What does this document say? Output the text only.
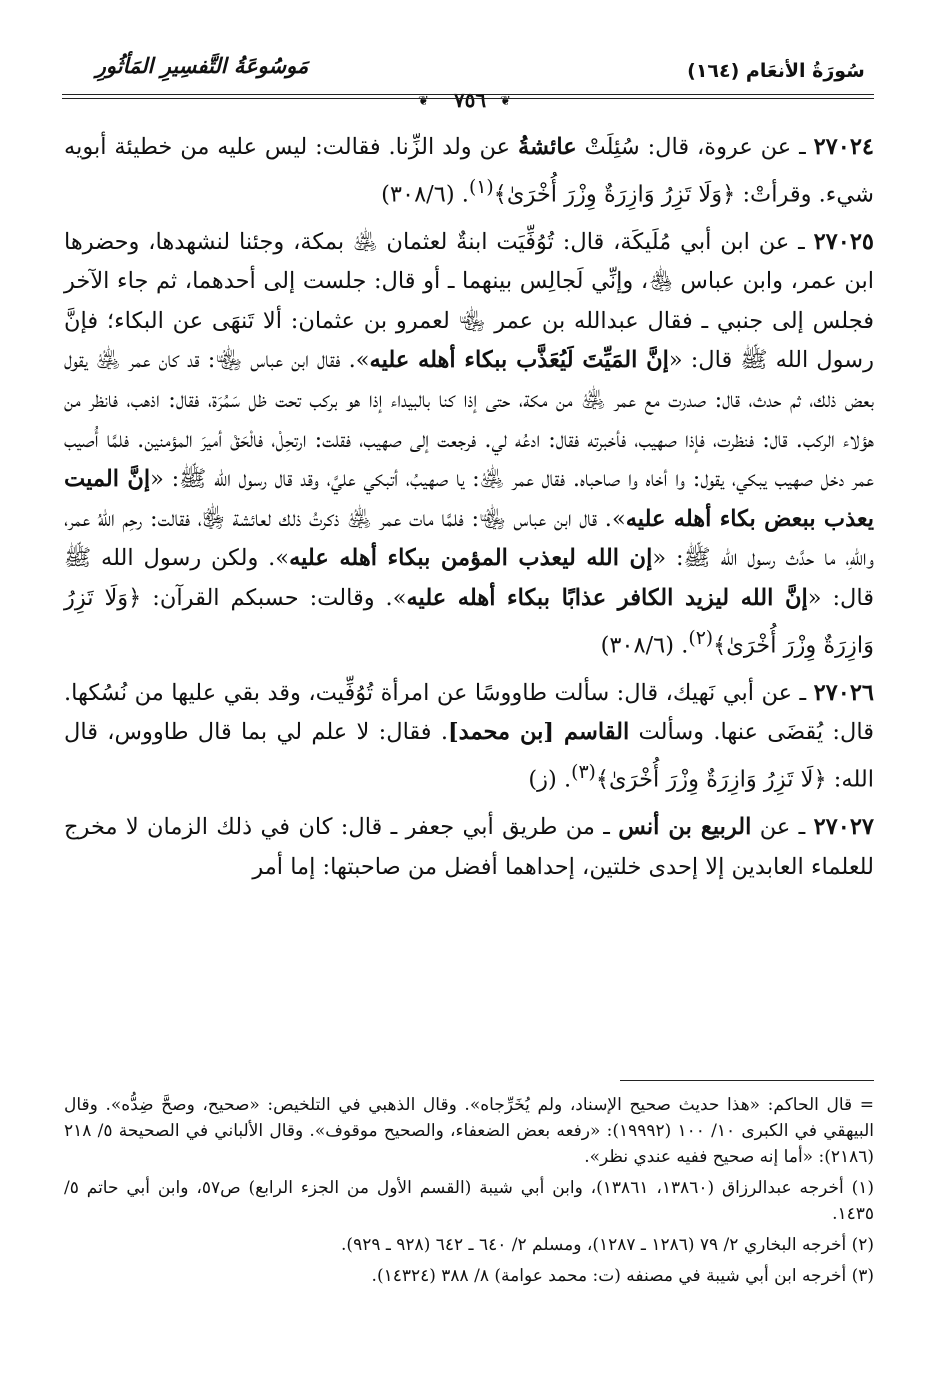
مَوسُوعَةُ التَّفسِيرِ المَأثُورِ	سُورَةُ الأنعَام (١٦٤)
❦	٧٥٦	❦

٢٧٠٢٤ ـ عن عروة، قال: سُئِلَتْ عائشةُ عن ولد الزِّنا. فقالت: ليس عليه من خطيئة أبويه شيء. وقرأتْ: ﴿وَلَا تَزِرُ وَازِرَةٌ وِزْرَ أُخْرَىٰ﴾$^{(١)}$. (٣٠٨/٦)

٢٧٠٢٥ ـ عن ابن أبي مُلَيكَة، قال: تُوُفِّيَت ابنةٌ لعثمان ﵁ بمكة، وجئنا لنشهدها، وحضرها ابن عمر، وابن عباس ﵃، وإنِّي لَجالِس بينهما ـ أو قال: جلست إلى أحدهما، ثم جاء الآخر فجلس إلى جنبي ـ فقال عبدالله بن عمر ﵄ لعمرو بن عثمان: ألا تَنهَى عن البكاء؛ فإنَّ رسول الله ﷺ قال: «إنَّ المَيِّتَ لَيُعَذَّب ببكاء أهله عليه». فقال ابن عباس ﵄: قد كان عمر ﵁ يقول بعض ذلك، ثم حدث، قال: صدرت مع عمر ﵁ من مكة، حتى إذا كنا بالبيداء إذا هو بركب تحت ظل سَمُرَة، فقال: اذهب، فانظر من هؤلاء الركب. قال: فنظرت، فإذا صهيب، فأخبرته فقال: ادعُه لي. فرجعت إلى صهيب، فقلت: ارتحِلْ، فالْحَقْ أميرَ المؤمنين. فلمَّا أُصيب عمر دخل صهيب يبكي، يقول: وا أخاه وا صاحباه. فقال عمر ﵁: يا صهيبُ، أتبكي عليَّ، وقد قال رسول الله ﷺ: «إنَّ الميت يعذب ببعض بكاء أهله عليه». قال ابن عباس ﵄: فلمَّا مات عمر ﵁ ذكرتُ ذلك لعائشة ﵂، فقالت: رحِم اللهُ عمر، واللهِ، ما حدَّث رسول الله ﷺ: «إن الله ليعذب المؤمن ببكاء أهله عليه». ولكن رسول الله ﷺ قال: «إنَّ الله ليزيد الكافر عذابًا ببكاء أهله عليه». وقالت: حسبكم القرآن: ﴿وَلَا تَزِرُ وَازِرَةٌ وِزْرَ أُخْرَىٰ﴾$^{(٢)}$. (٣٠٨/٦)

٢٧٠٢٦ ـ عن أبي نَهيك، قال: سألت طاووسًا عن امرأة تُوُفِّيت، وقد بقي عليها من نُسُكها. قال: يُقضَى عنها. وسألت القاسم [بن محمد]. فقال: لا علم لي بما قال طاووس، قال الله: ﴿لَا تَزِرُ وَازِرَةٌ وِزْرَ أُخْرَىٰ﴾$^{(٣)}$. (ز)

٢٧٠٢٧ ـ عن الربيع بن أنس ـ من طريق أبي جعفر ـ قال: كان في ذلك الزمان لا مخرج للعلماء العابدين إلا إحدى خلتين، إحداهما أفضل من صاحبتها: إما أمر

= قال الحاكم: «هذا حديث صحيح الإسناد، ولم يُخَرِّجاه». وقال الذهبي في التلخيص: «صحيح، وصحَّ ضِدُّه». وقال البيهقي في الكبرى ١٠/ ١٠٠ (١٩٩٩٢): «رفعه بعض الضعفاء، والصحيح موقوف». وقال الألباني في الصحيحة ٥/ ٢١٨ (٢١٨٦): «أما إنه صحيح ففيه عندي نظر».

(١) أخرجه عبدالرزاق (١٣٨٦٠، ١٣٨٦١)، وابن أبي شيبة (القسم الأول من الجزء الرابع) ص٥٧، وابن أبي حاتم ٥/ ١٤٣٥.

(٢) أخرجه البخاري ٢/ ٧٩ (١٢٨٦ ـ ١٢٨٧)، ومسلم ٢/ ٦٤٠ ـ ٦٤٢ (٩٢٨ ـ ٩٢٩).

(٣) أخرجه ابن أبي شيبة في مصنفه (ت: محمد عوامة) ٨/ ٣٨٨ (١٤٣٢٤).
